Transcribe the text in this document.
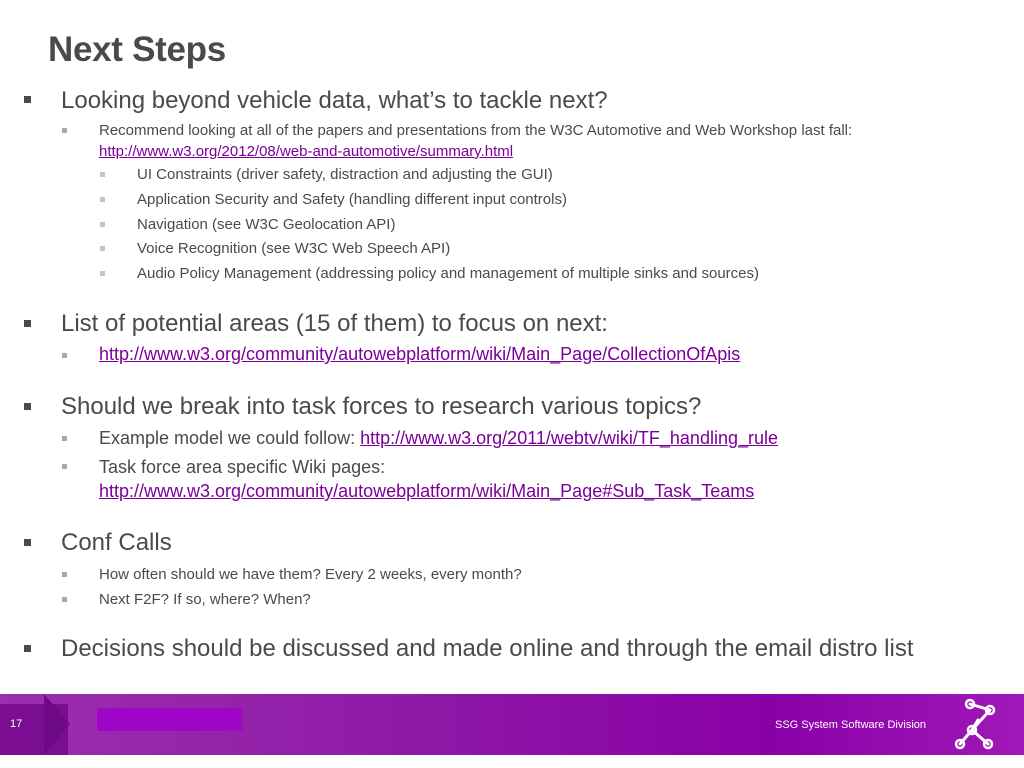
Next Steps
Looking beyond vehicle data, what’s to tackle next?
Recommend looking at all of the papers and presentations from the W3C Automotive and Web Workshop last fall:
http://www.w3.org/2012/08/web-and-automotive/summary.html
UI Constraints (driver safety, distraction and adjusting the GUI)
Application Security and Safety (handling different input controls)
Navigation (see W3C Geolocation API)
Voice Recognition (see W3C Web Speech API)
Audio Policy Management (addressing policy and management of multiple sinks and sources)
List of potential areas (15 of them) to focus on next:
http://www.w3.org/community/autowebplatform/wiki/Main_Page/CollectionOfApis
Should we break into task forces to research various topics?
Example model we could follow: http://www.w3.org/2011/webtv/wiki/TF_handling_rule
Task force area specific Wiki pages:
http://www.w3.org/community/autowebplatform/wiki/Main_Page#Sub_Task_Teams
Conf Calls
How often should we have them? Every 2 weeks, every month?
Next F2F? If so, where? When?
Decisions should be discussed and made online and through the email distro list
17	SSG System Software Division
